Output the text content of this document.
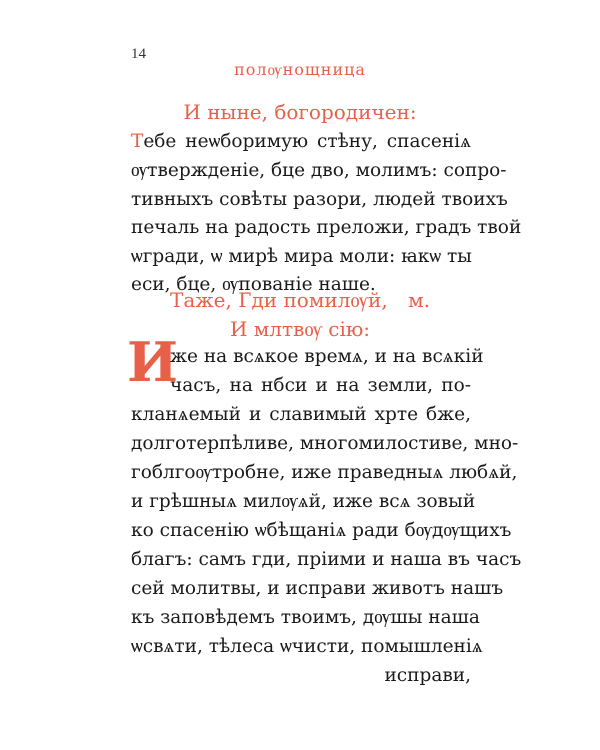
14
полѹнощница
И ныне, богородичен:
Тебе неѡборимую стѣну, спасенiѧ
ѹтвержденiе, бце дво, молимъ: сопро-
тивныхъ совѣты разори, людей твоихъ
печаль на радость преложи, градъ твой
ѡгради, ѡ мирѣ мира моли: ꙗкѡ ты
еси, бце, ѹпованiе наше.
Таже, Гди помилѹй, м.
И млтвѹ сiю:
И
же на всѧкое времѧ, и на всѧкiй
часъ, на нбси и на земли, по-
кланѧемый и славимый хрте бже,
долготерпѣливе, многомилостиве, мно-
гоблгоѹтробне, иже праведныѧ любѧй,
и грѣшныѧ милѹѧй, иже всѧ зовый
ко спасенiю ѡбѣщанiѧ ради бѹдѹщихъ
благъ: самъ гди, прiими и наша въ часъ
сей молитвы, и исправи животъ нашъ
къ заповѣдемъ твоимъ, дѹшы наша
ѡсвѧти, тѣлеса ѡчисти, помышленiѧ
исправи,
